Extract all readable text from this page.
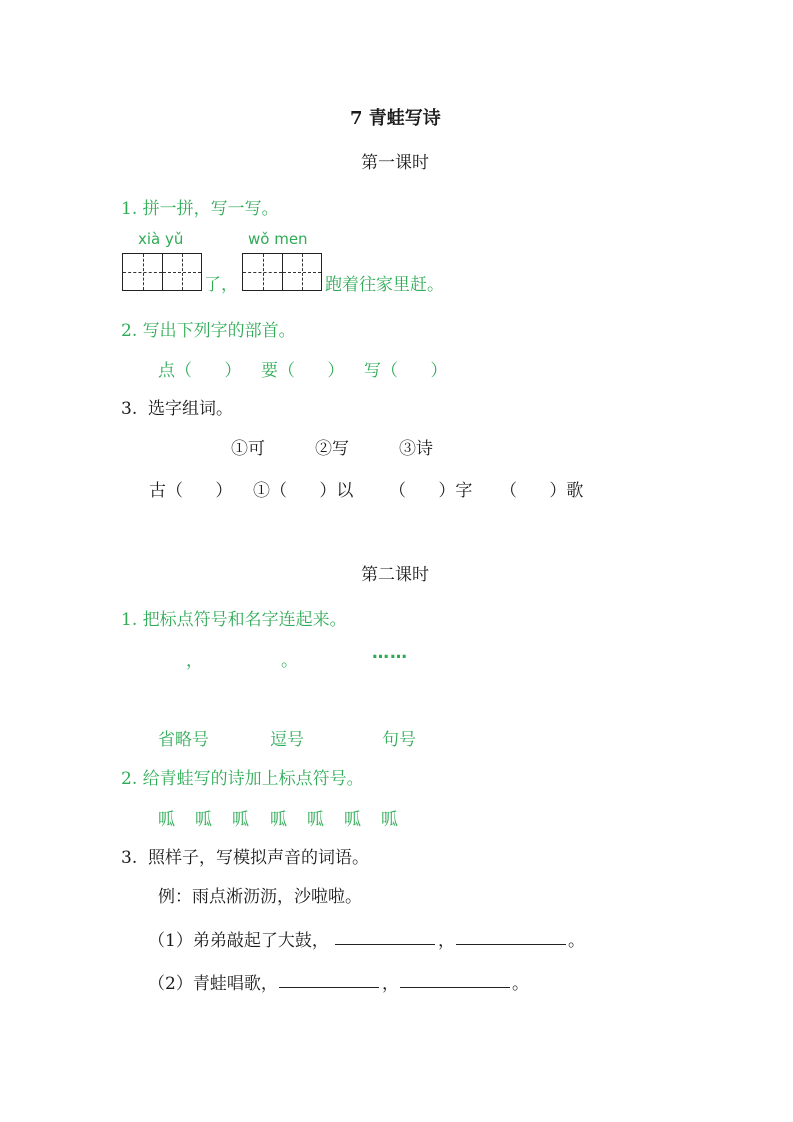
7 青蛙写诗
第一课时
1. 拼一拼，写一写。
xià yǔ	wǒ men
了，	跑着往家里赶。
2. 写出下列字的部首。
点（      ） 要（      ） 写（      ）
3.  选字组词。
①可	②写	③诗
古（      ） ①（      ）以 （      ）字 （      ）歌
第二课时
1. 把标点符号和名字连起来。
，	。	……
省略号	逗号	句号
2. 给青蛙写的诗加上标点符号。
呱 呱 呱 呱 呱 呱 呱
3.  照样子，写模拟声音的词语。
例：雨点淅沥沥，沙啦啦。
（1）弟弟敲起了大鼓，	，	。
（2）青蛙唱歌，	，	。
